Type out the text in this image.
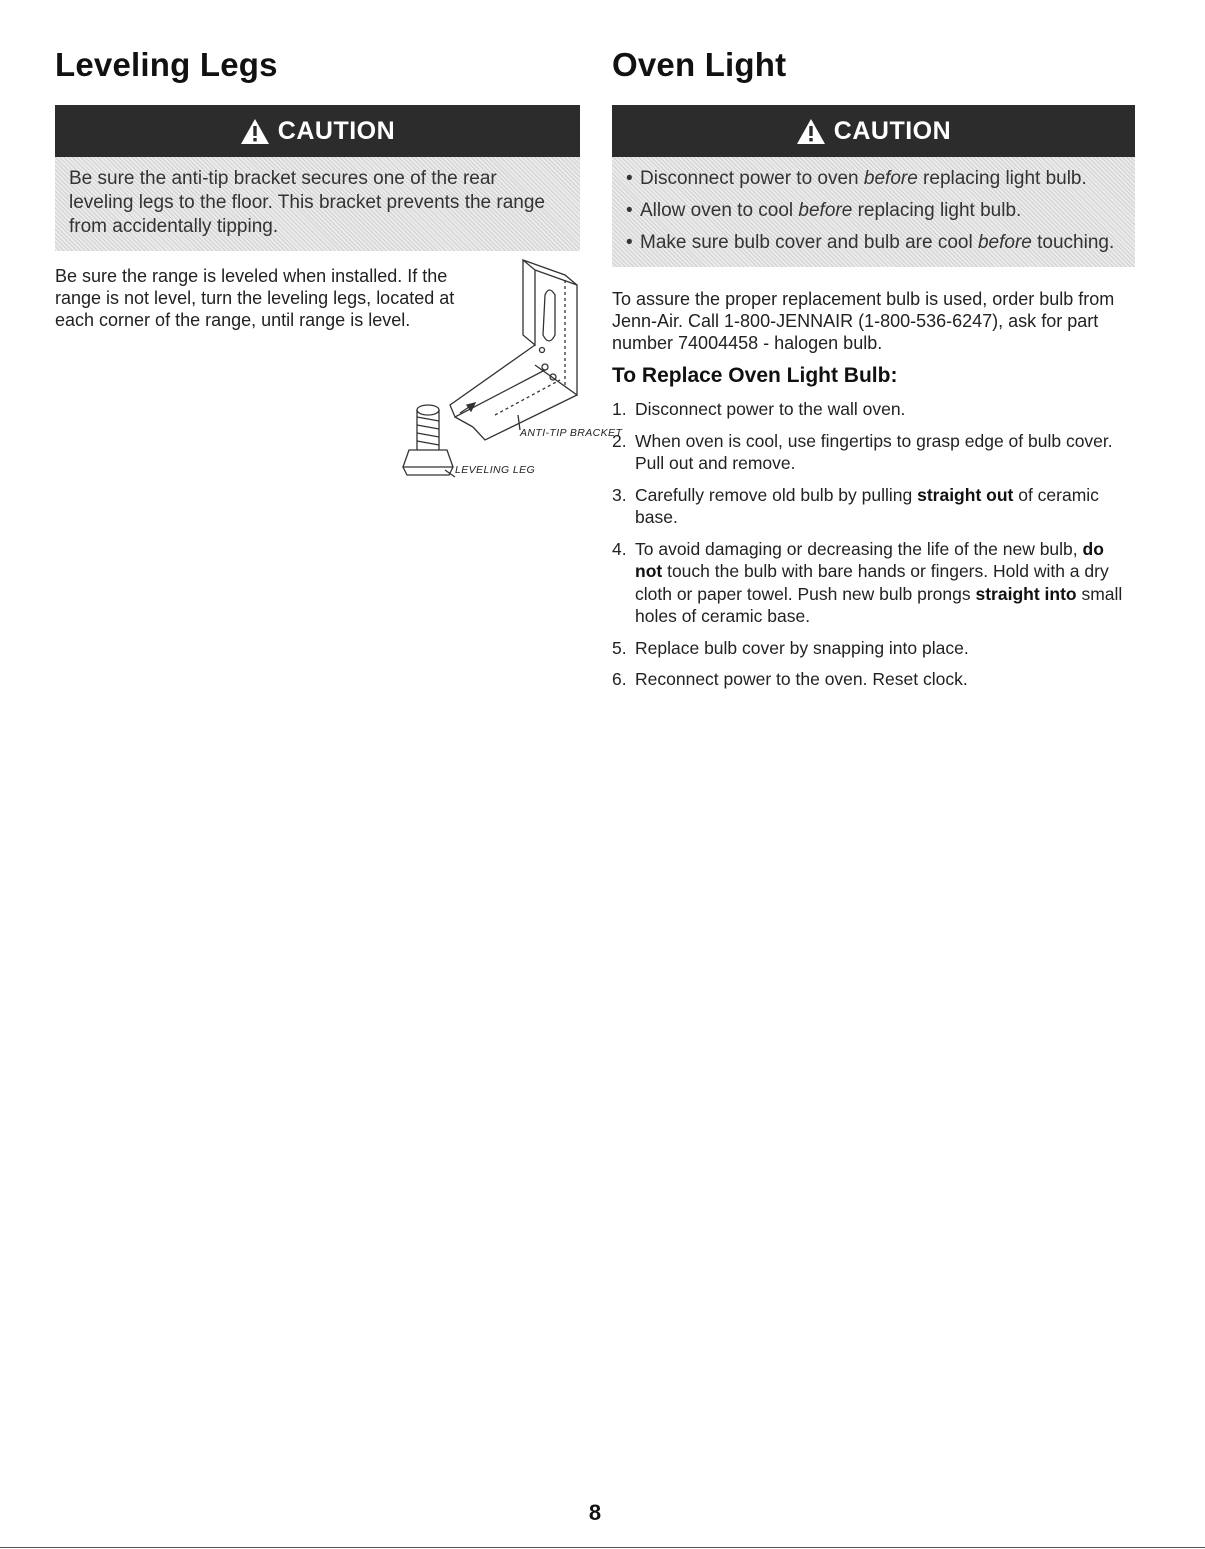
Leveling Legs
CAUTION

Be sure the anti-tip bracket secures one of the rear leveling legs to the floor. This bracket prevents the range from accidentally tipping.

Be sure the range is leveled when installed. If the range is not level, turn the leveling legs, located at each corner of the range, until range is level.

ANTI-TIP BRACKET
LEVELING LEG
Oven Light
CAUTION
• Disconnect power to oven before replacing light bulb.
• Allow oven to cool before replacing light bulb.
• Make sure bulb cover and bulb are cool before touching.

To assure the proper replacement bulb is used, order bulb from Jenn-Air. Call 1-800-JENNAIR (1-800-536-6247), ask for part number 74004458 - halogen bulb.

To Replace Oven Light Bulb:
1. Disconnect power to the wall oven.
2. When oven is cool, use fingertips to grasp edge of bulb cover. Pull out and remove.
3. Carefully remove old bulb by pulling straight out of ceramic base.
4. To avoid damaging or decreasing the life of the new bulb, do not touch the bulb with bare hands or fingers. Hold with a dry cloth or paper towel. Push new bulb prongs straight into small holes of ceramic base.
5. Replace bulb cover by snapping into place.
6. Reconnect power to the oven. Reset clock.
8
